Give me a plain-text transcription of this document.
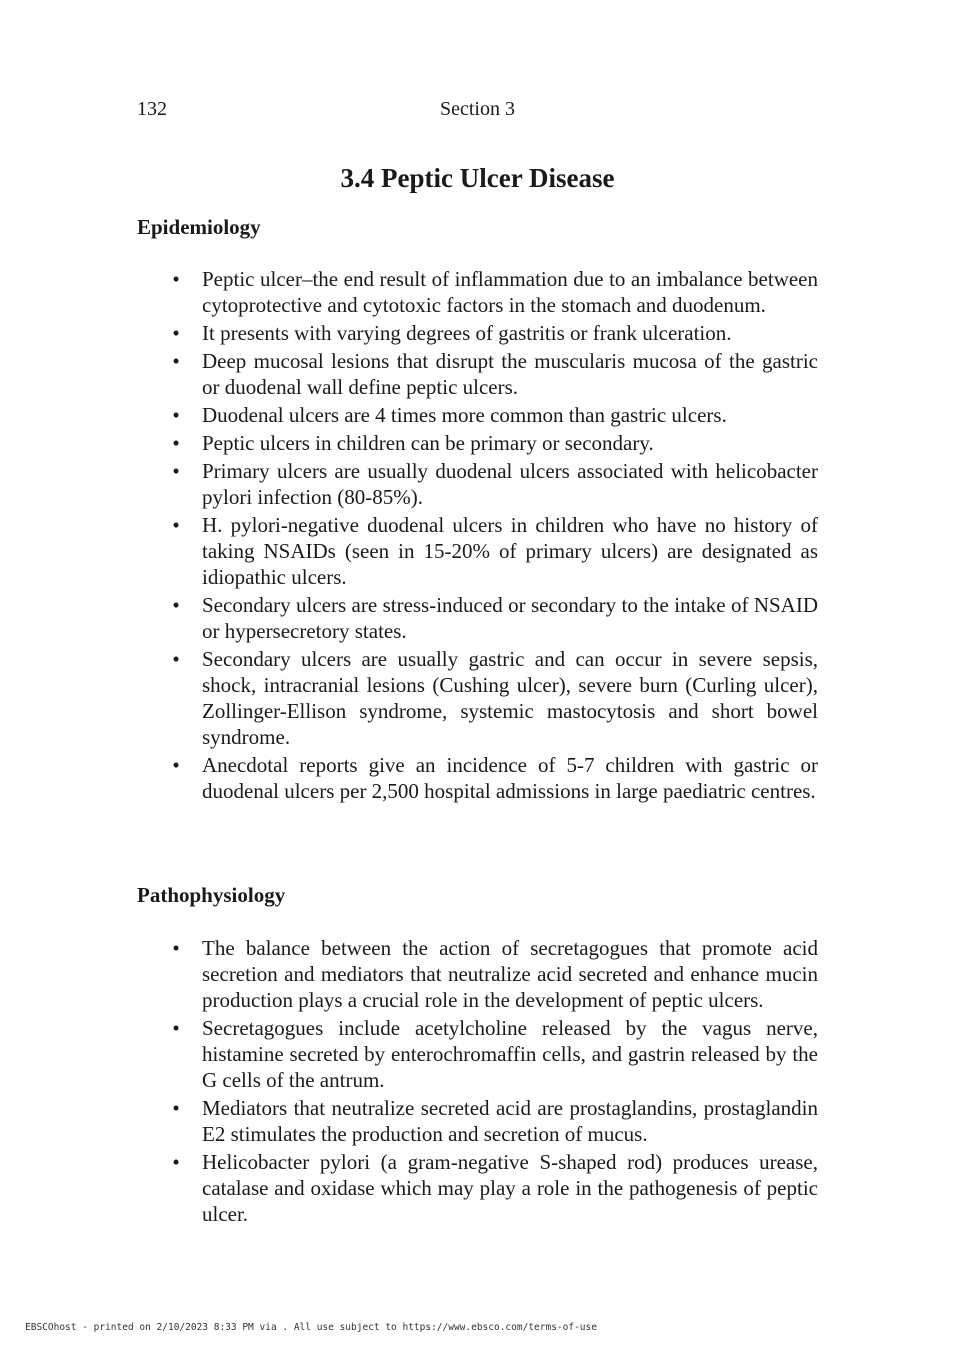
132	Section 3
3.4 Peptic Ulcer Disease
Epidemiology
• Peptic ulcer–the end result of inflammation due to an imbalance between cytoprotective and cytotoxic factors in the stomach and duodenum.
• It presents with varying degrees of gastritis or frank ulceration.
• Deep mucosal lesions that disrupt the muscularis mucosa of the gastric or duodenal wall define peptic ulcers.
• Duodenal ulcers are 4 times more common than gastric ulcers.
• Peptic ulcers in children can be primary or secondary.
• Primary ulcers are usually duodenal ulcers associated with helicobacter pylori infection (80-85%).
• H. pylori-negative duodenal ulcers in children who have no history of taking NSAIDs (seen in 15-20% of primary ulcers) are designated as idiopathic ulcers.
• Secondary ulcers are stress-induced or secondary to the intake of NSAID or hypersecretory states.
• Secondary ulcers are usually gastric and can occur in severe sepsis, shock, intracranial lesions (Cushing ulcer), severe burn (Curling ulcer), Zollinger-Ellison syndrome, systemic mastocytosis and short bowel syndrome.
• Anecdotal reports give an incidence of 5-7 children with gastric or duodenal ulcers per 2,500 hospital admissions in large paediatric centres.
Pathophysiology
• The balance between the action of secretagogues that promote acid secretion and mediators that neutralize acid secreted and enhance mucin production plays a crucial role in the development of peptic ulcers.
• Secretagogues include acetylcholine released by the vagus nerve, histamine secreted by enterochromaffin cells, and gastrin released by the G cells of the antrum.
• Mediators that neutralize secreted acid are prostaglandins, prostaglandin E2 stimulates the production and secretion of mucus.
• Helicobacter pylori (a gram-negative S-shaped rod) produces urease, catalase and oxidase which may play a role in the pathogenesis of peptic ulcer.
EBSCOhost - printed on 2/10/2023 8:33 PM via . All use subject to https://www.ebsco.com/terms-of-use
